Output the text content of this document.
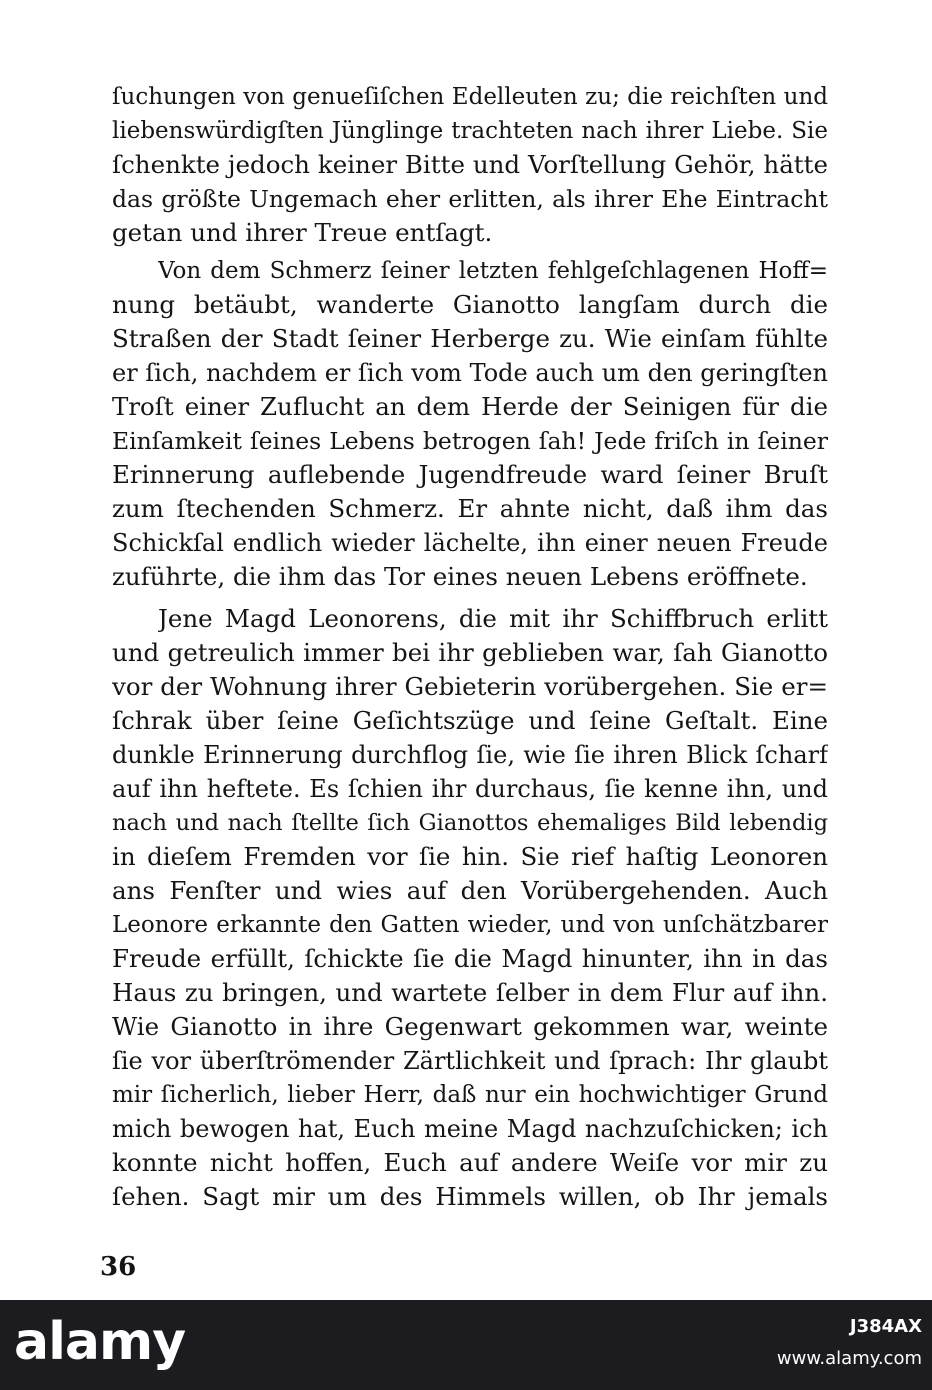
ſuchungen von genueſiſchen Edelleuten zu; die reichſten und
liebenswürdigſten Jünglinge trachteten nach ihrer Liebe. Sie
ſchenkte jedoch keiner Bitte und Vorſtellung Gehör, hätte
das größte Ungemach eher erlitten, als ihrer Ehe Eintracht
getan und ihrer Treue entſagt.
Von dem Schmerz ſeiner letzten fehlgeſchlagenen Hoff=
nung betäubt, wanderte Gianotto langſam durch die
Straßen der Stadt ſeiner Herberge zu. Wie einſam fühlte
er ſich, nachdem er ſich vom Tode auch um den geringſten
Troſt einer Zuflucht an dem Herde der Seinigen für die
Einſamkeit ſeines Lebens betrogen ſah! Jede friſch in ſeiner
Erinnerung auflebende Jugendfreude ward ſeiner Bruſt
zum ſtechenden Schmerz. Er ahnte nicht, daß ihm das
Schickſal endlich wieder lächelte, ihn einer neuen Freude
zuführte, die ihm das Tor eines neuen Lebens eröffnete.
Jene Magd Leonorens, die mit ihr Schiffbruch erlitt
und getreulich immer bei ihr geblieben war, ſah Gianotto
vor der Wohnung ihrer Gebieterin vorübergehen. Sie er=
ſchrak über ſeine Geſichtszüge und ſeine Geſtalt. Eine
dunkle Erinnerung durchflog ſie, wie ſie ihren Blick ſcharf
auf ihn heftete. Es ſchien ihr durchaus, ſie kenne ihn, und
nach und nach ſtellte ſich Gianottos ehemaliges Bild lebendig
in dieſem Fremden vor ſie hin. Sie rief haſtig Leonoren
ans Fenſter und wies auf den Vorübergehenden. Auch
Leonore erkannte den Gatten wieder, und von unſchätzbarer
Freude erfüllt, ſchickte ſie die Magd hinunter, ihn in das
Haus zu bringen, und wartete ſelber in dem Flur auf ihn.
Wie Gianotto in ihre Gegenwart gekommen war, weinte
ſie vor überſtrömender Zärtlichkeit und ſprach: Ihr glaubt
mir ſicherlich, lieber Herr, daß nur ein hochwichtiger Grund
mich bewogen hat, Euch meine Magd nachzuſchicken; ich
konnte nicht hoffen, Euch auf andere Weiſe vor mir zu
ſehen. Sagt mir um des Himmels willen, ob Ihr jemals
36
alamy	J384AX
www.alamy.com
